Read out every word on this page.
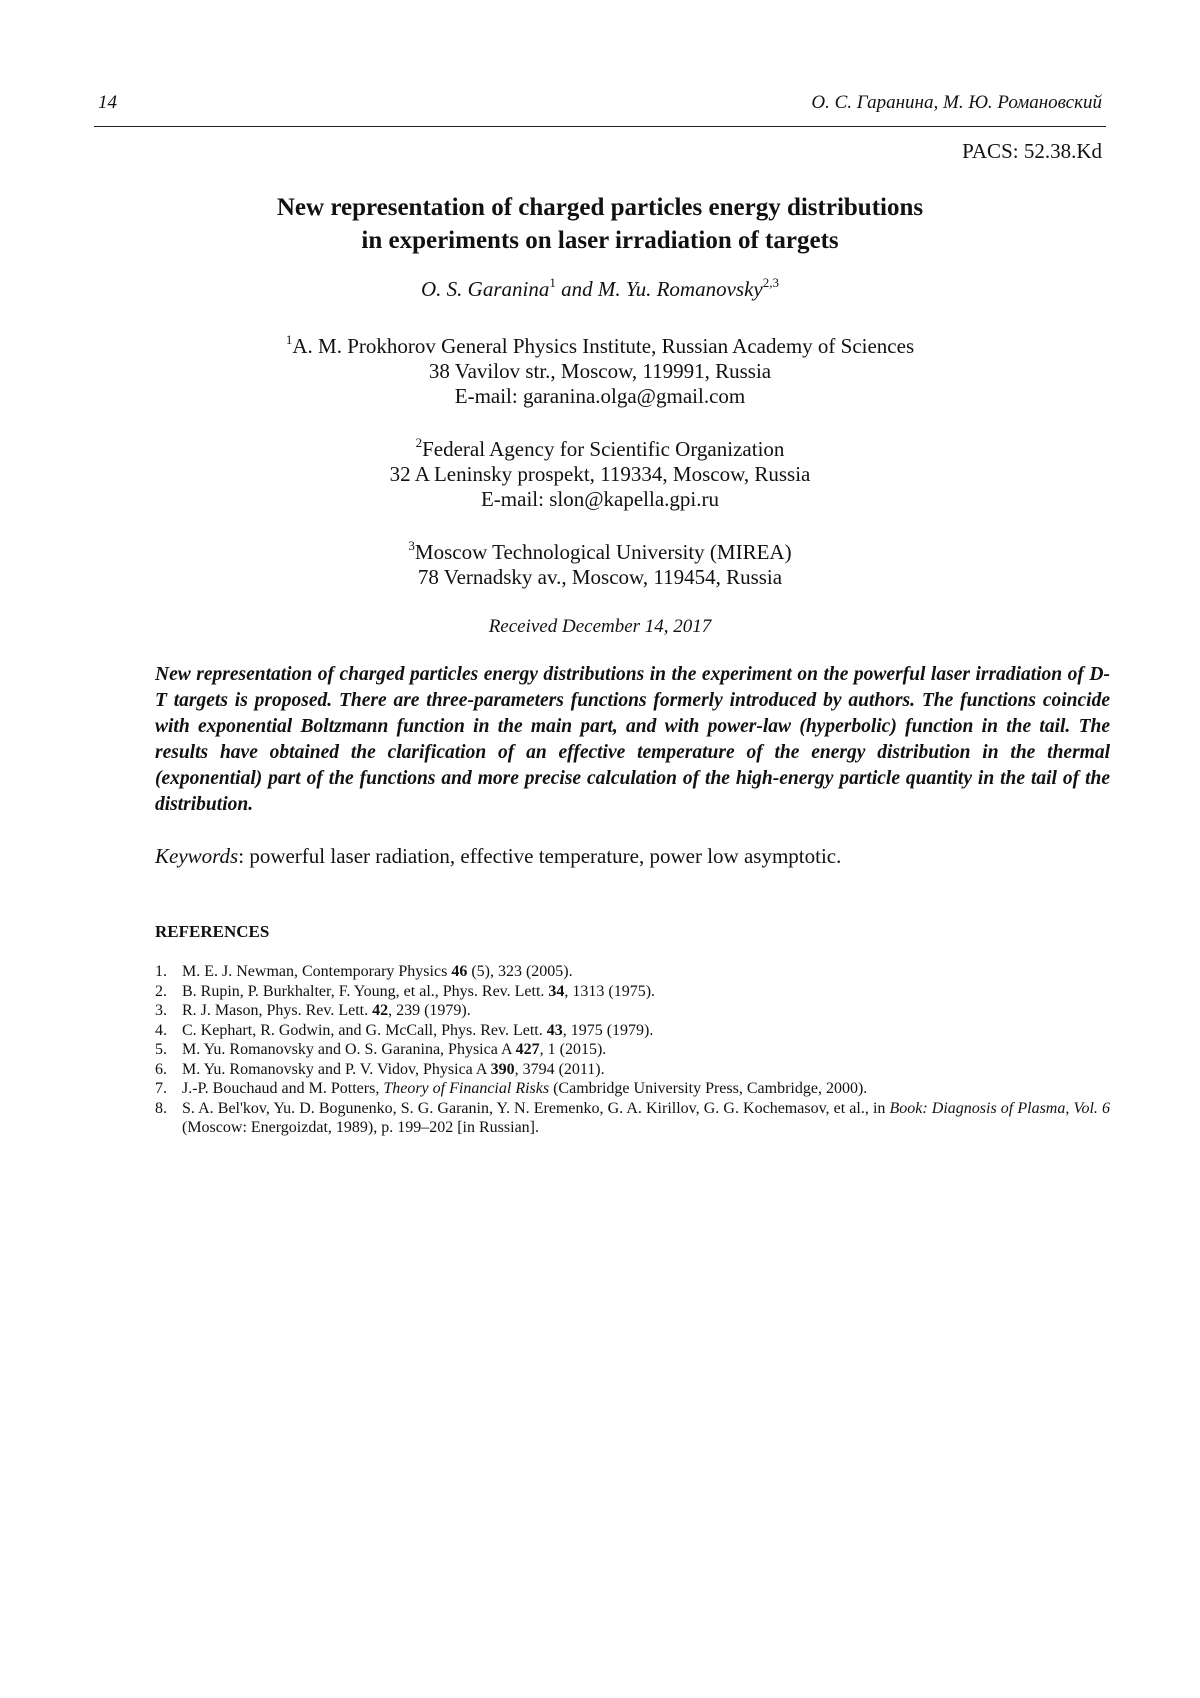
14	О. С. Гаранина, М. Ю. Романовский
PACS: 52.38.Kd
New representation of charged particles energy distributions
in experiments on laser irradiation of targets
O. S. Garanina1 and M. Yu. Romanovsky2,3
1A. M. Prokhorov General Physics Institute, Russian Academy of Sciences
38 Vavilov str., Moscow, 119991, Russia
E-mail: garanina.olga@gmail.com
2Federal Agency for Scientific Organization
32 A Leninsky prospekt, 119334, Moscow, Russia
E-mail: slon@kapella.gpi.ru
3Moscow Technological University (MIREA)
78 Vernadsky av., Moscow, 119454, Russia
Received December 14, 2017
New representation of charged particles energy distributions in the experiment on the powerful laser irradiation of D-T targets is proposed. There are three-parameters functions formerly introduced by authors. The functions coincide with exponential Boltzmann function in the main part, and with power-law (hyperbolic) function in the tail. The results have obtained the clarification of an effective temperature of the energy distribution in the thermal (exponential) part of the functions and more precise calculation of the high-energy particle quantity in the tail of the distribution.
Keywords: powerful laser radiation, effective temperature, power low asymptotic.
REFERENCES
1. M. E. J. Newman, Contemporary Physics 46 (5), 323 (2005).
2. B. Rupin, P. Burkhalter, F. Young, et al., Phys. Rev. Lett. 34, 1313 (1975).
3. R. J. Mason, Phys. Rev. Lett. 42, 239 (1979).
4. C. Kephart, R. Godwin, and G. McCall, Phys. Rev. Lett. 43, 1975 (1979).
5. M. Yu. Romanovsky and O. S. Garanina, Physica A 427, 1 (2015).
6. M. Yu. Romanovsky and P. V. Vidov, Physica A 390, 3794 (2011).
7. J.-P. Bouchaud and M. Potters, Theory of Financial Risks (Cambridge University Press, Cambridge, 2000).
8. S. A. Bel'kov, Yu. D. Bogunenko, S. G. Garanin, Y. N. Eremenko, G. A. Kirillov, G. G. Kochemasov, et al., in Book: Diagnosis of Plasma, Vol. 6 (Moscow: Energoizdat, 1989), p. 199–202 [in Russian].
